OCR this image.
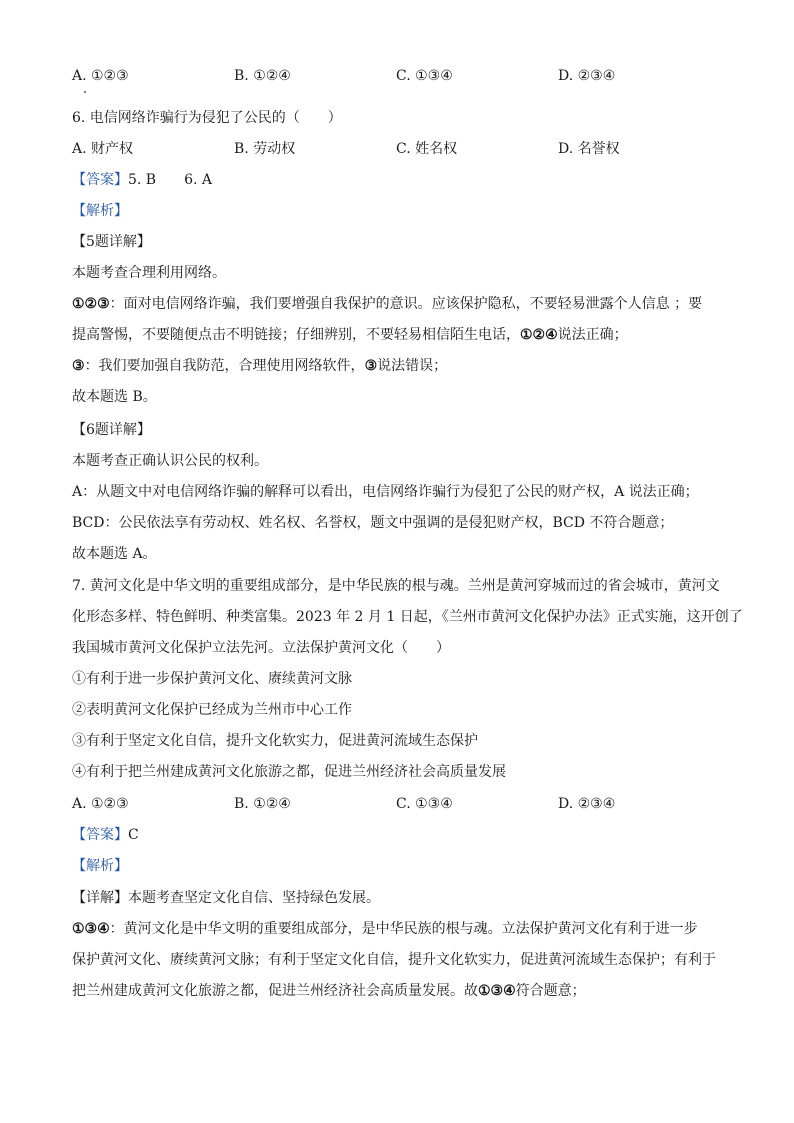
A. ①②③	B. ①②④	C. ①③④	D. ②③④
6. 电信网络诈骗行为侵犯了公民的（　　）
A. 财产权	B. 劳动权	C. 姓名权	D. 名誉权
【答案】5. B　　6. A
【解析】
【5题详解】
本题考查合理利用网络。
①②③：面对电信网络诈骗，我们要增强自我保护的意识。应该保护隐私，不要轻易泄露个人信息 ；要
提高警惕，不要随便点击不明链接；仔细辨别，不要轻易相信陌生电话，①②④说法正确；
③：我们要加强自我防范，合理使用网络软件，③说法错误；
故本题选 B。
【6题详解】
本题考查正确认识公民的权利。
A：从题文中对电信网络诈骗的解释可以看出，电信网络诈骗行为侵犯了公民的财产权，A 说法正确；
BCD：公民依法享有劳动权、姓名权、名誉权，题文中强调的是侵犯财产权，BCD 不符合题意；
故本题选 A。
7. 黄河文化是中华文明的重要组成部分，是中华民族的根与魂。兰州是黄河穿城而过的省会城市，黄河文
化形态多样、特色鲜明、种类富集。2023 年 2 月 1 日起，《兰州市黄河文化保护办法》正式实施，这开创了
我国城市黄河文化保护立法先河。立法保护黄河文化（　　）
①有利于进一步保护黄河文化、赓续黄河文脉
②表明黄河文化保护已经成为兰州市中心工作
③有利于坚定文化自信，提升文化软实力，促进黄河流域生态保护
④有利于把兰州建成黄河文化旅游之都，促进兰州经济社会高质量发展
A. ①②③	B. ①②④	C. ①③④	D. ②③④
【答案】C
【解析】
【详解】本题考查坚定文化自信、坚持绿色发展。
①③④：黄河文化是中华文明的重要组成部分，是中华民族的根与魂。立法保护黄河文化有利于进一步
保护黄河文化、赓续黄河文脉；有利于坚定文化自信，提升文化软实力，促进黄河流域生态保护；有利于
把兰州建成黄河文化旅游之都，促进兰州经济社会高质量发展。故①③④符合题意；
